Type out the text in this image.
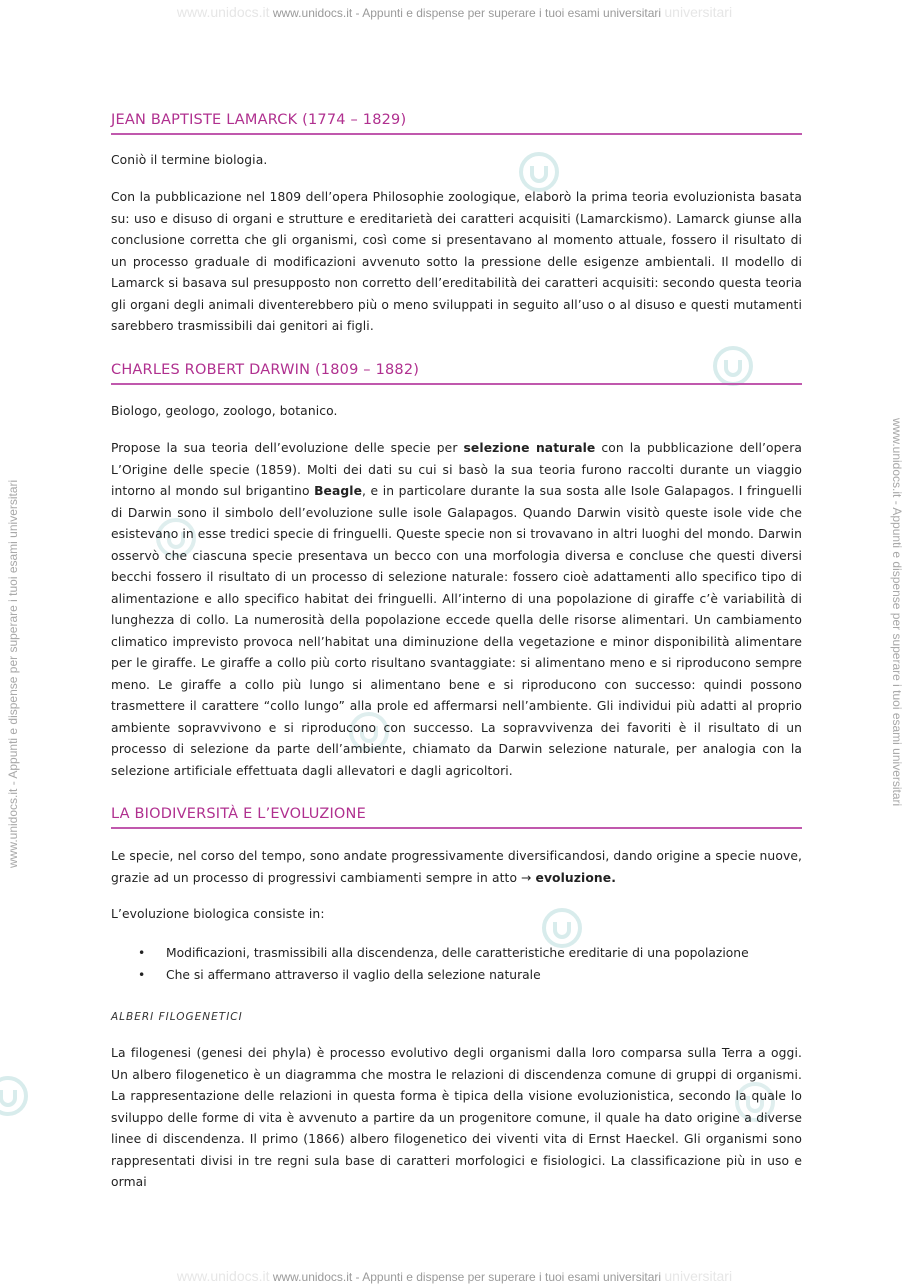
www.unidocs.it www.unidocs.it - Appunti e dispense per superare i tuoi esami universitari universitari
www.unidocs.it www.unidocs.it - Appunti e dispense per superare i tuoi esami universitari universitari
www.unidocs.it - Appunti e dispense per superare i tuoi esami universitari	www.unidocs.it - Appunti e dispense per superare i tuoi esami universitari
JEAN BAPTISTE LAMARCK (1774 – 1829)
Coniò il termine biologia.
Con la pubblicazione nel 1809 dell’opera Philosophie zoologique, elaborò la prima teoria evoluzionista basata su: uso e disuso di organi e strutture e ereditarietà dei caratteri acquisiti (Lamarckismo). Lamarck giunse alla conclusione corretta che gli organismi, così come si presentavano al momento attuale, fossero il risultato di un processo graduale di modificazioni avvenuto sotto la pressione delle esigenze ambientali. Il modello di Lamarck si basava sul presupposto non corretto dell’ereditabilità dei caratteri acquisiti: secondo questa teoria gli organi degli animali diventerebbero più o meno sviluppati in seguito all’uso o al disuso e questi mutamenti sarebbero trasmissibili dai genitori ai figli.
CHARLES ROBERT DARWIN (1809 – 1882)
Biologo, geologo, zoologo, botanico.
Propose la sua teoria dell’evoluzione delle specie per selezione naturale con la pubblicazione dell’opera L’Origine delle specie (1859). Molti dei dati su cui si basò la sua teoria furono raccolti durante un viaggio intorno al mondo sul brigantino Beagle, e in particolare durante la sua sosta alle Isole Galapagos. I fringuelli di Darwin sono il simbolo dell’evoluzione sulle isole Galapagos. Quando Darwin visitò queste isole vide che esistevano in esse tredici specie di fringuelli. Queste specie non si trovavano in altri luoghi del mondo. Darwin osservò che ciascuna specie presentava un becco con una morfologia diversa e concluse che questi diversi becchi fossero il risultato di un processo di selezione naturale: fossero cioè adattamenti allo specifico tipo di alimentazione e allo specifico habitat dei fringuelli. All’interno di una popolazione di giraffe c’è variabilità di lunghezza di collo. La numerosità della popolazione eccede quella delle risorse alimentari. Un cambiamento climatico imprevisto provoca nell’habitat una diminuzione della vegetazione e minor disponibilità alimentare per le giraffe. Le giraffe a collo più corto risultano svantaggiate: si alimentano meno e si riproducono sempre meno. Le giraffe a collo più lungo si alimentano bene e si riproducono con successo: quindi possono trasmettere il carattere “collo lungo” alla prole ed affermarsi nell’ambiente. Gli individui più adatti al proprio ambiente sopravvivono e si riproducono con successo. La sopravvivenza dei favoriti è il risultato di un processo di selezione da parte dell’ambiente, chiamato da Darwin selezione naturale, per analogia con la selezione artificiale effettuata dagli allevatori e dagli agricoltori.
LA BIODIVERSITÀ E L’EVOLUZIONE
Le specie, nel corso del tempo, sono andate progressivamente diversificandosi, dando origine a specie nuove, grazie ad un processo di progressivi cambiamenti sempre in atto → evoluzione.
L’evoluzione biologica consiste in:
• Modificazioni, trasmissibili alla discendenza, delle caratteristiche ereditarie di una popolazione
• Che si affermano attraverso il vaglio della selezione naturale
ALBERI FILOGENETICI
La filogenesi (genesi dei phyla) è processo evolutivo degli organismi dalla loro comparsa sulla Terra a oggi. Un albero filogenetico è un diagramma che mostra le relazioni di discendenza comune di gruppi di organismi. La rappresentazione delle relazioni in questa forma è tipica della visione evoluzionistica, secondo la quale lo sviluppo delle forme di vita è avvenuto a partire da un progenitore comune, il quale ha dato origine a diverse linee di discendenza. Il primo (1866) albero filogenetico dei viventi vita di Ernst Haeckel. Gli organismi sono rappresentati divisi in tre regni sula base di caratteri morfologici e fisiologici. La classificazione più in uso e ormai
